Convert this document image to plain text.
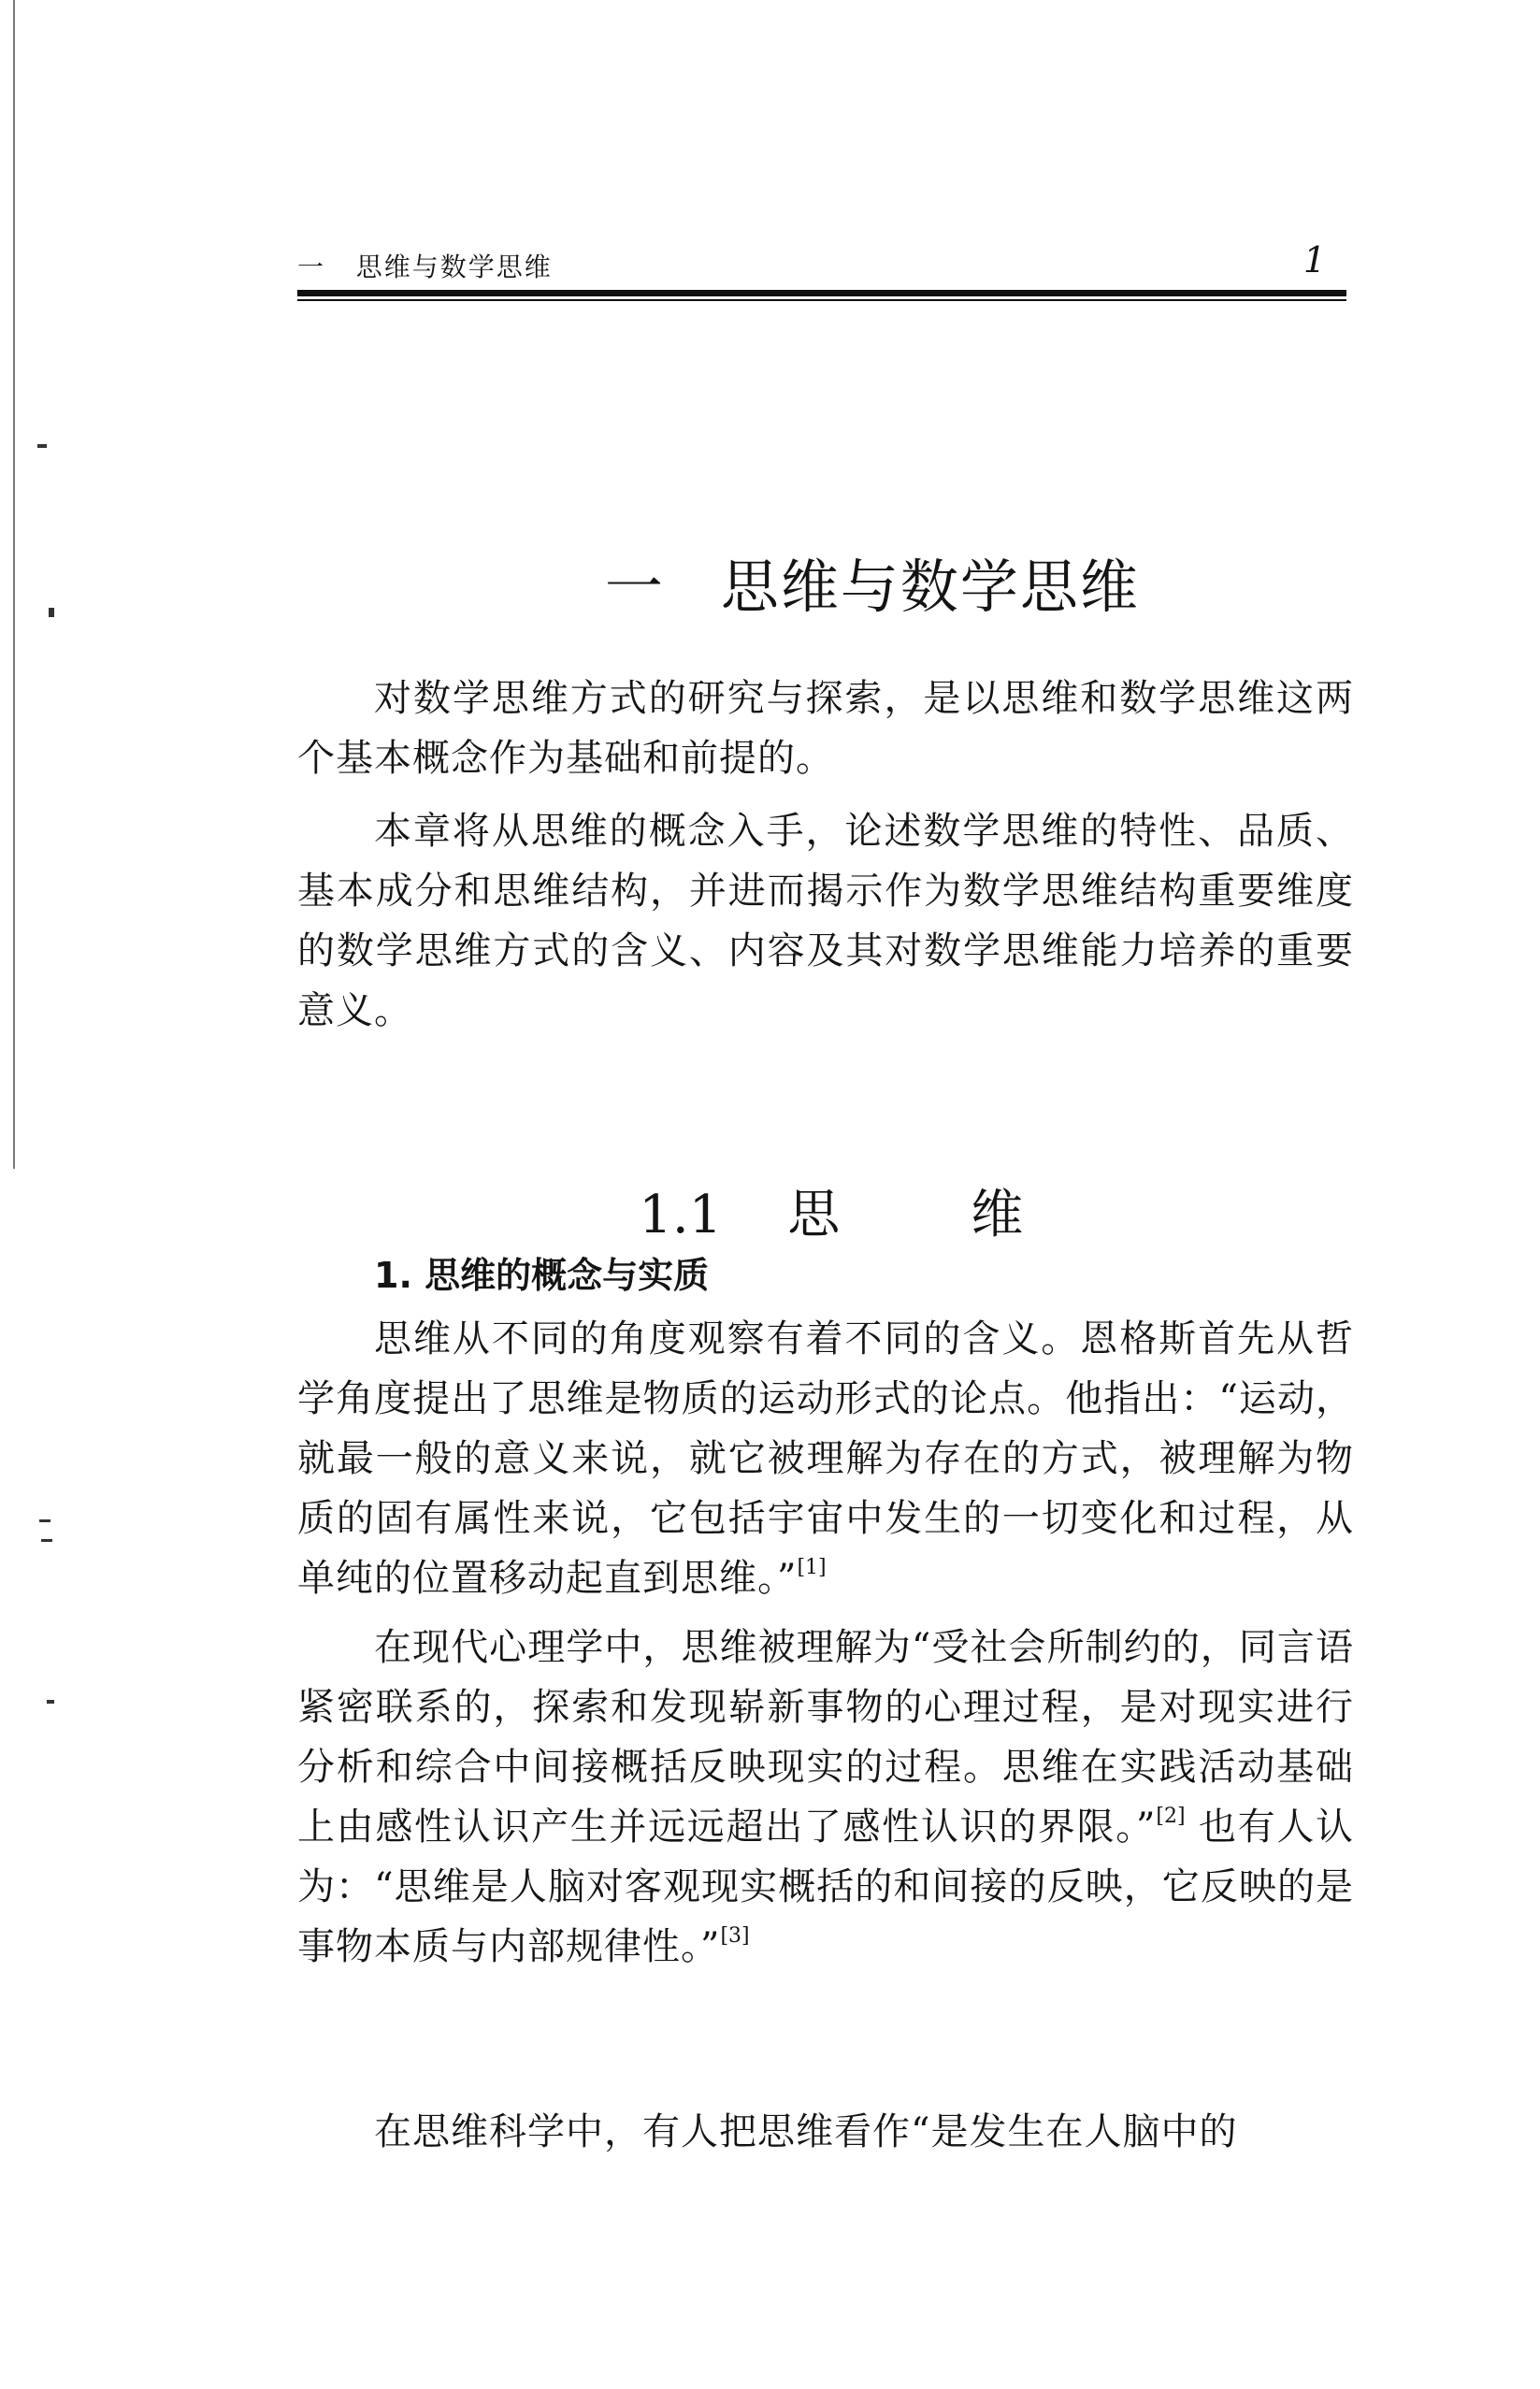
一   思维与数学思维	1

一 思维与数学思维

对数学思维方式的研究与探索，是以思维和数学思维这两个基本概念作为基础和前提的。

本章将从思维的概念入手，论述数学思维的特性、品质、基本成分和思维结构，并进而揭示作为数学思维结构重要维度的数学思维方式的含义、内容及其对数学思维能力培养的重要意义。

1.1 思	维

1. 思维的概念与实质

思维从不同的角度观察有着不同的含义。恩格斯首先从哲学角度提出了思维是物质的运动形式的论点。他指出：“运动，就最一般的意义来说，就它被理解为存在的方式，被理解为物质的固有属性来说，它包括宇宙中发生的一切变化和过程，从单纯的位置移动起直到思维。”[1]

在现代心理学中，思维被理解为“受社会所制约的，同言语紧密联系的，探索和发现崭新事物的心理过程，是对现实进行分析和综合中间接概括反映现实的过程。思维在实践活动基础上由感性认识产生并远远超出了感性认识的界限。”[2] 也有人认为：“思维是人脑对客观现实概括的和间接的反映，它反映的是事物本质与内部规律性。”[3]

在思维科学中，有人把思维看作“是发生在人脑中的
